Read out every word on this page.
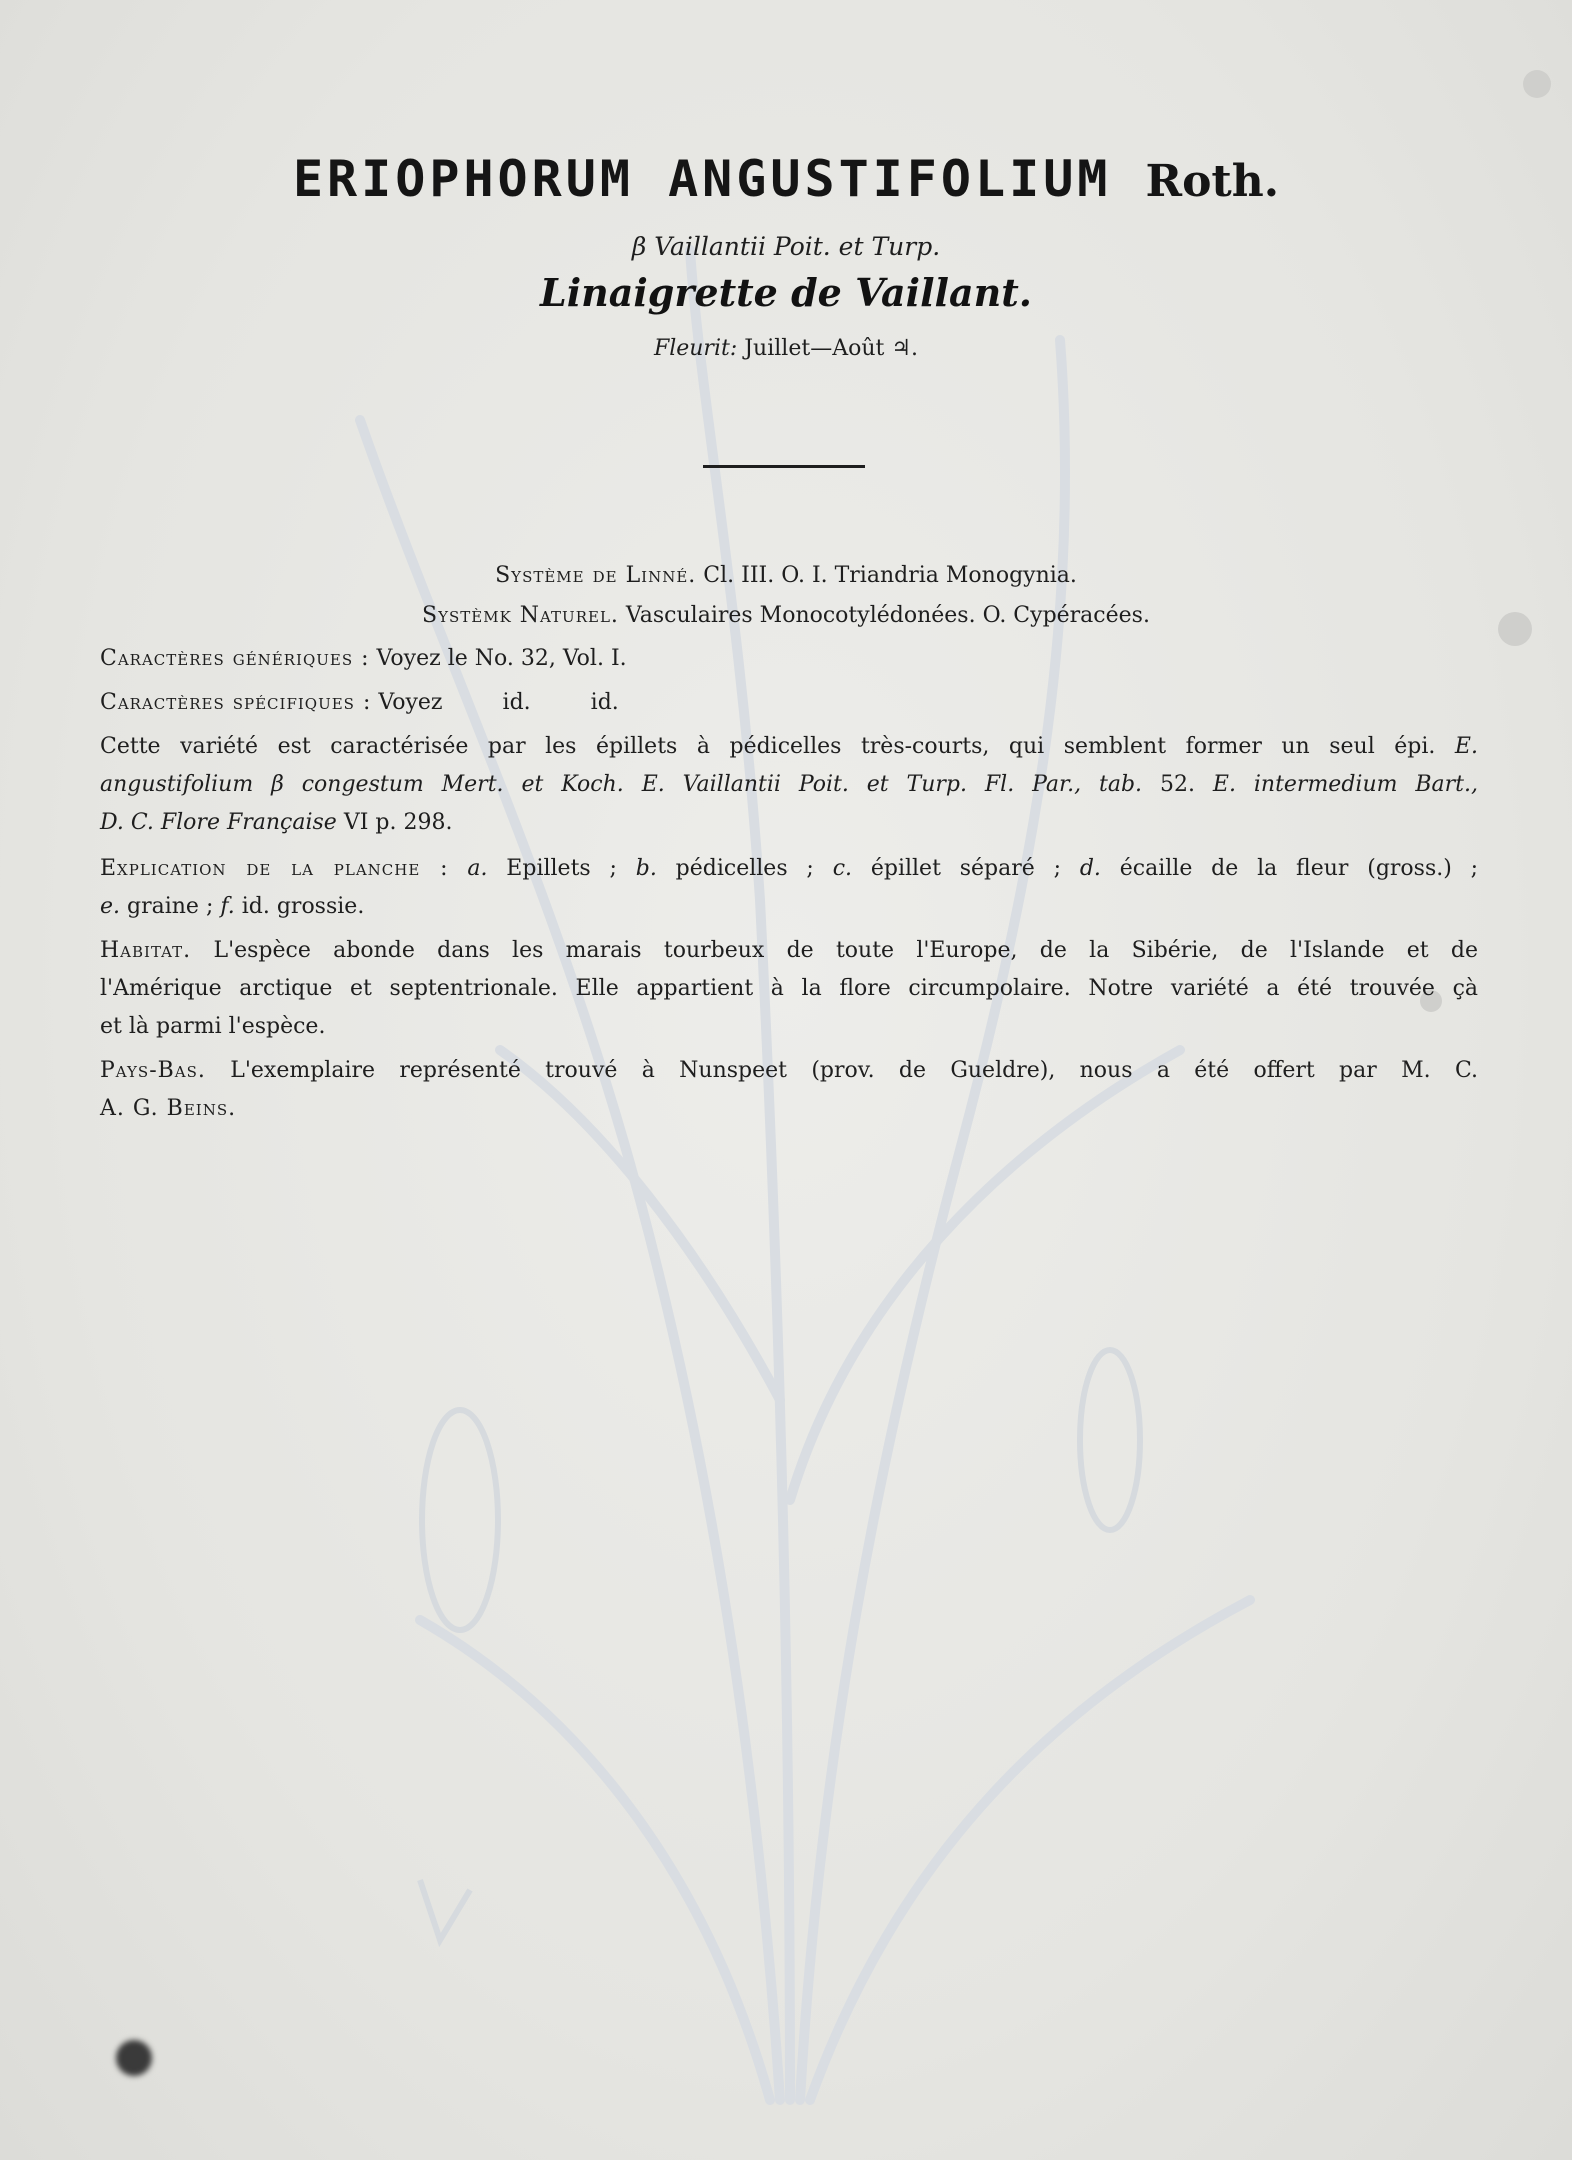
ERIOPHORUM ANGUSTIFOLIUM Roth.
β Vaillantii Poit. et Turp.
Linaigrette de Vaillant.
Fleurit: Juillet—Août ♃.
Système de Linné. Cl. III. O. I. Triandria Monogynia.
Systèmk Naturel. Vasculaires Monocotylédonées. O. Cypéracées.
Caractères génériques : Voyez le No. 32, Vol. I.
Caractères spécifiques : Voyez	id.	id.
Cette variété est caractérisée par les épillets à pédicelles très-courts, qui semblent former un seul épi. E.
angustifolium β congestum Mert. et Koch. E. Vaillantii Poit. et Turp. Fl. Par., tab. 52. E. intermedium Bart.,
D. C. Flore Française VI p. 298.
Explication de la planche : a. Epillets ; b. pédicelles ; c. épillet séparé ; d. écaille de la fleur (gross.) ;
e. graine ; f. id. grossie.
Habitat. L'espèce abonde dans les marais tourbeux de toute l'Europe, de la Sibérie, de l'Islande et de
l'Amérique arctique et septentrionale. Elle appartient à la flore circumpolaire. Notre variété a été trouvée çà
et là parmi l'espèce.
Pays-Bas. L'exemplaire représenté trouvé à Nunspeet (prov. de Gueldre), nous a été offert par M. C.
A. G. Beins.
